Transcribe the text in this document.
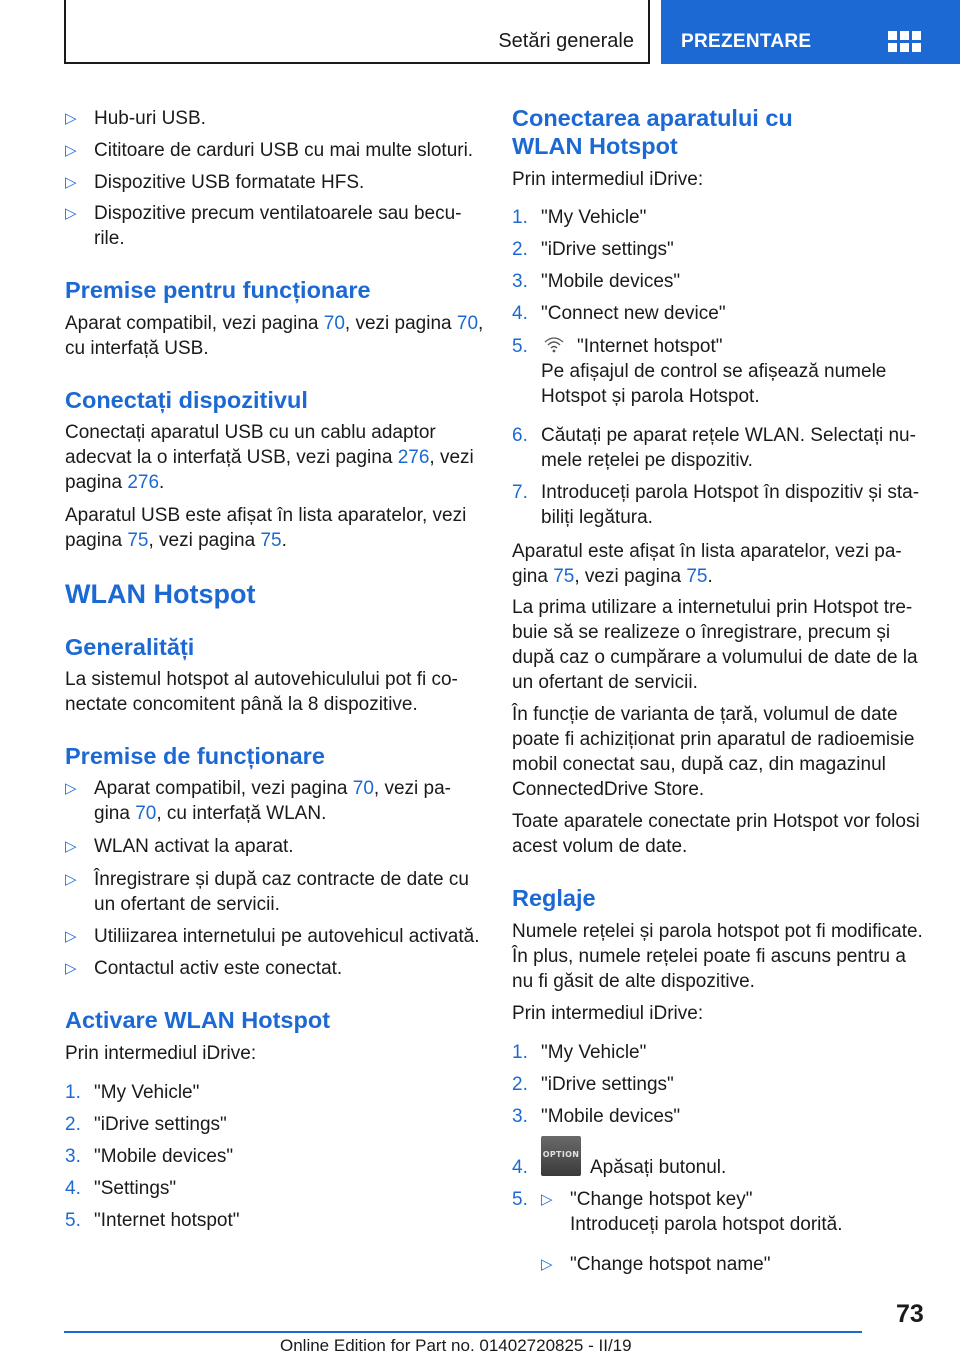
Setări generale PREZENTARE
▷ Hub-uri USB.
▷ Cititoare de carduri USB cu mai multe sloturi.
▷ Dispozitive USB formatate HFS.
▷ Dispozitive precum ventilatoarele sau becu-
rile.
Premise pentru funcționare
Aparat compatibil, vezi pagina 70, vezi pagina 70,
cu interfață USB.
Conectați dispozitivul
Conectați aparatul USB cu un cablu adaptor
adecvat la o interfață USB, vezi pagina 276, vezi
pagina 276.
Aparatul USB este afișat în lista aparatelor, vezi
pagina 75, vezi pagina 75.
WLAN Hotspot
Generalități
La sistemul hotspot al autovehiculului pot fi co-
nectate concomitent până la 8 dispozitive.
Premise de funcționare
▷ Aparat compatibil, vezi pagina 70, vezi pa-
gina 70, cu interfață WLAN.
▷ WLAN activat la aparat.
▷ Înregistrare și după caz contracte de date cu
un ofertant de servicii.
▷ Utiliizarea internetului pe autovehicul activată.
▷ Contactul activ este conectat.
Activare WLAN Hotspot
Prin intermediul iDrive:
1. "My Vehicle"
2. "iDrive settings"
3. "Mobile devices"
4. "Settings"
5. "Internet hotspot"
Conectarea aparatului cu
WLAN Hotspot
Prin intermediul iDrive:
1. "My Vehicle"
2. "iDrive settings"
3. "Mobile devices"
4. "Connect new device"
5.	"Internet hotspot"
Pe afișajul de control se afișează numele
Hotspot și parola Hotspot.
6. Căutați pe aparat rețele WLAN. Selectați nu-
mele rețelei pe dispozitiv.
7. Introduceți parola Hotspot în dispozitiv și sta-
biliți legătura.
Aparatul este afișat în lista aparatelor, vezi pa-
gina 75, vezi pagina 75.
La prima utilizare a internetului prin Hotspot tre-
buie să se realizeze o înregistrare, precum și
după caz o cumpărare a volumului de date de la
un ofertant de servicii.
În funcție de varianta de țară, volumul de date
poate fi achiziționat prin aparatul de radioemisie
mobil conectat sau, după caz, din magazinul
ConnectedDrive Store.
Toate aparatele conectate prin Hotspot vor folosi
acest volum de date.
Reglaje
Numele rețelei și parola hotspot pot fi modificate.
În plus, numele rețelei poate fi ascuns pentru a
nu fi găsit de alte dispozitive.
Prin intermediul iDrive:
1. "My Vehicle"
2. "iDrive settings"
3. "Mobile devices"
4.	Apăsați butonul.
OPTION
5. ▷ "Change hotspot key"
Introduceți parola hotspot dorită.
▷ "Change hotspot name"
73
Online Edition for Part no. 01402720825 - II/19
